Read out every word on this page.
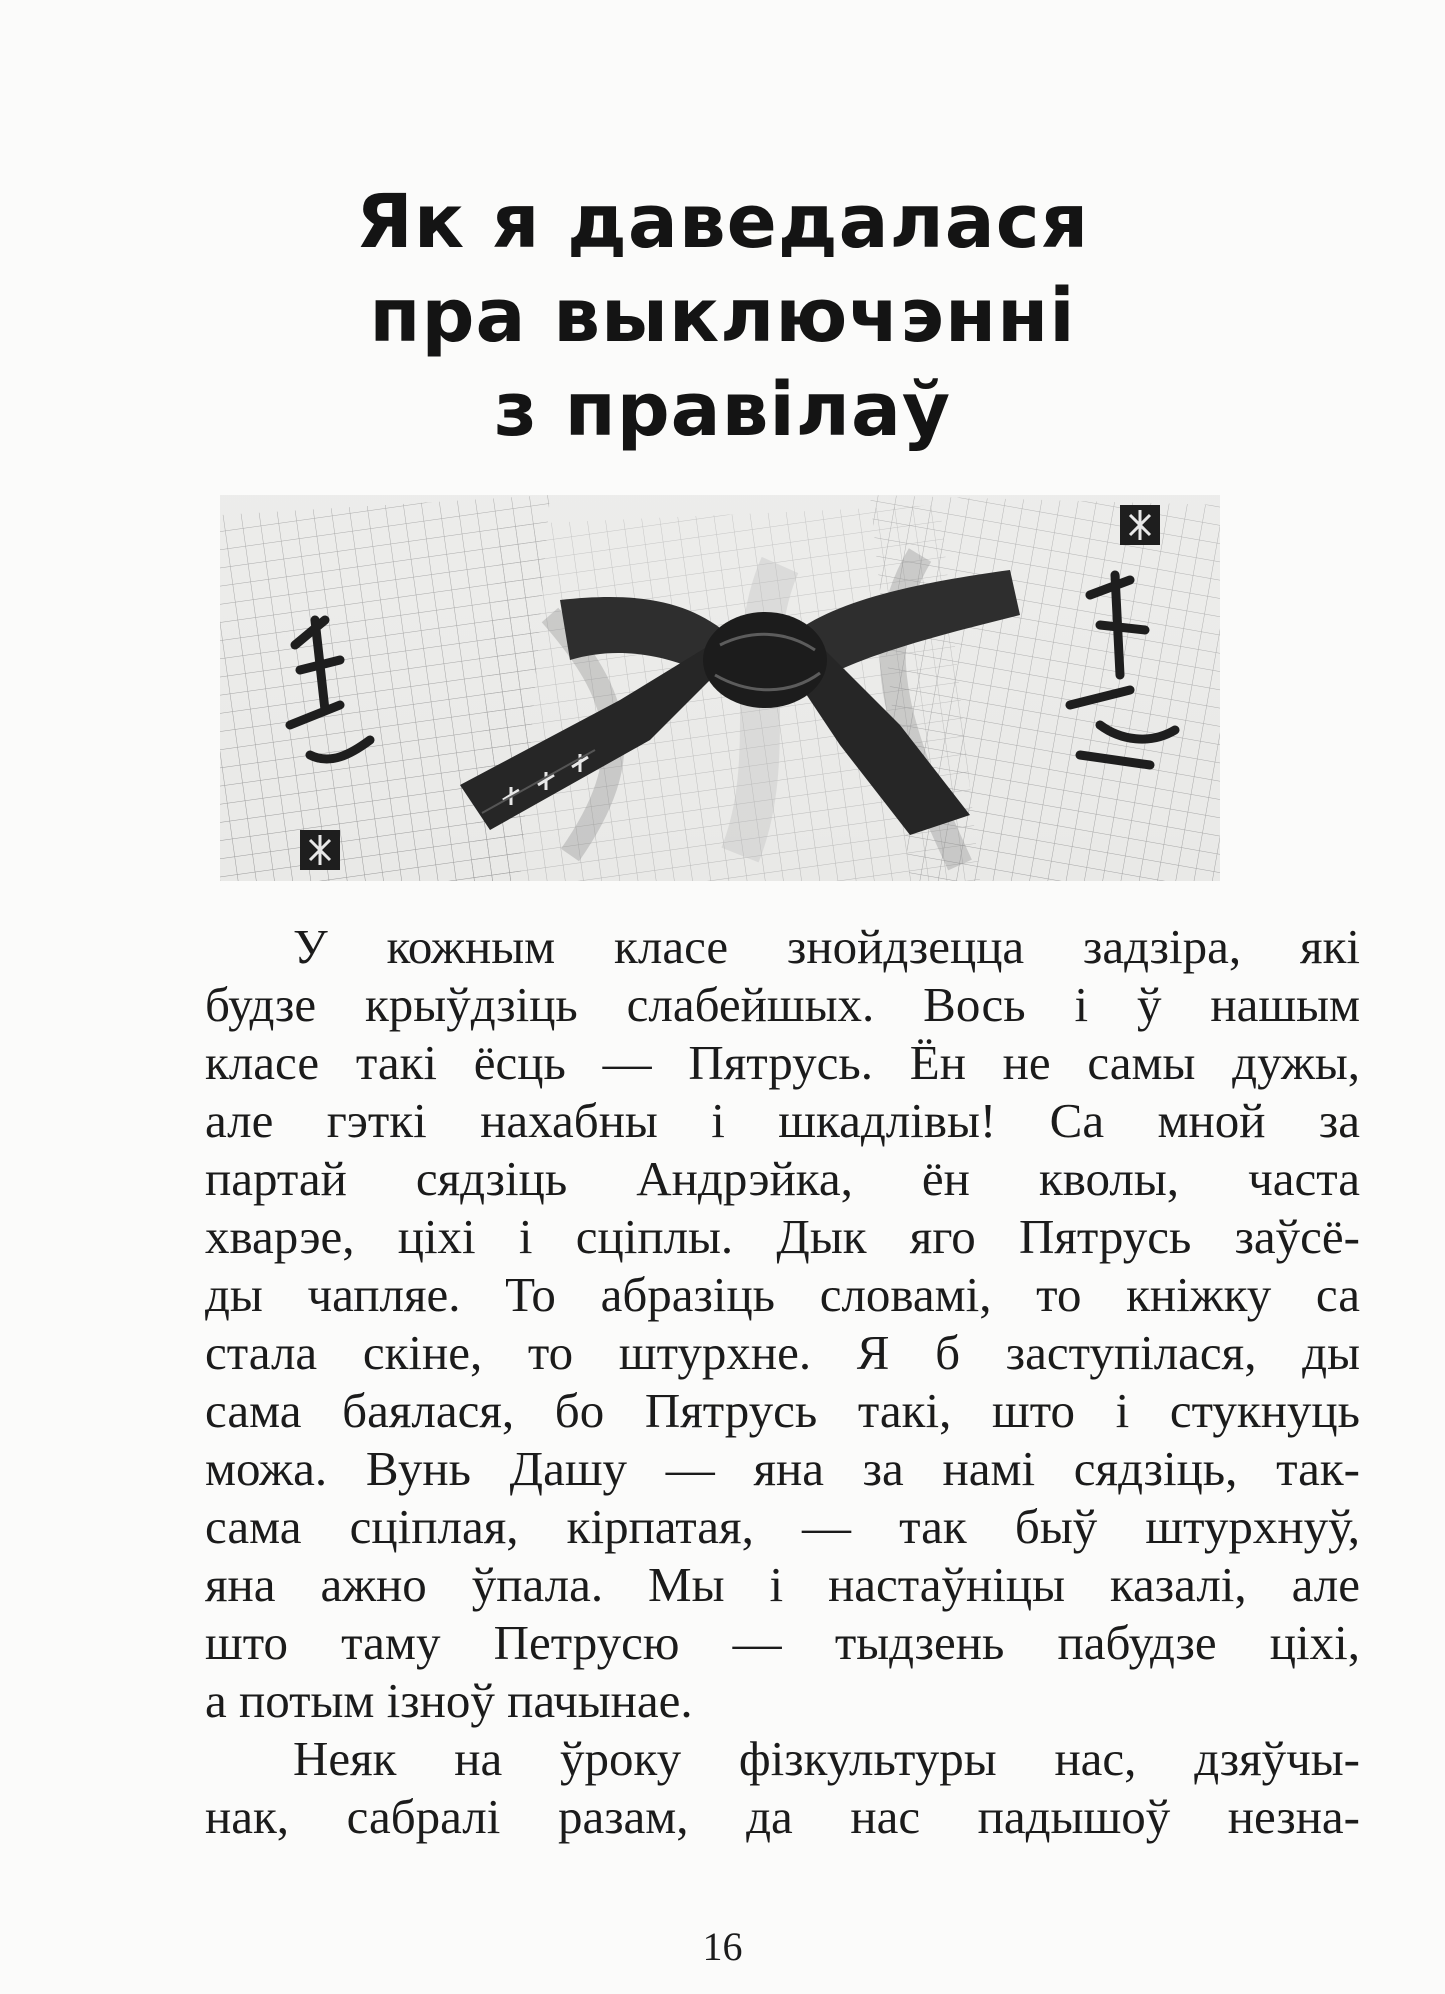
Як я даведалася
пра выключэнні
з правілаў
У кожным класе знойдзецца задзіра, які
будзе крыўдзіць слабейшых. Вось і ў нашым
класе такі ёсць — Пятрусь. Ён не самы дужы,
але гэткі нахабны і шкадлівы! Са мной за
партай сядзіць Андрэйка, ён кволы, часта
хварэе, ціхі і сціплы. Дык яго Пятрусь заўсё-
ды чапляе. То абразіць словамі, то кніжку са
стала скіне, то штурхне. Я б заступілася, ды
сама баялася, бо Пятрусь такі, што і стукнуць
можа. Вунь Дашу — яна за намі сядзіць, так-
сама сціплая, кірпатая, — так быў штурхнуў,
яна ажно ўпала. Мы і настаўніцы казалі, але
што таму Петрусю — тыдзень пабудзе ціхі,
а потым ізноў пачынае.
Неяк на ўроку фізкультуры нас, дзяўчы-
нак, сабралі разам, да нас падышоў незна-
16
